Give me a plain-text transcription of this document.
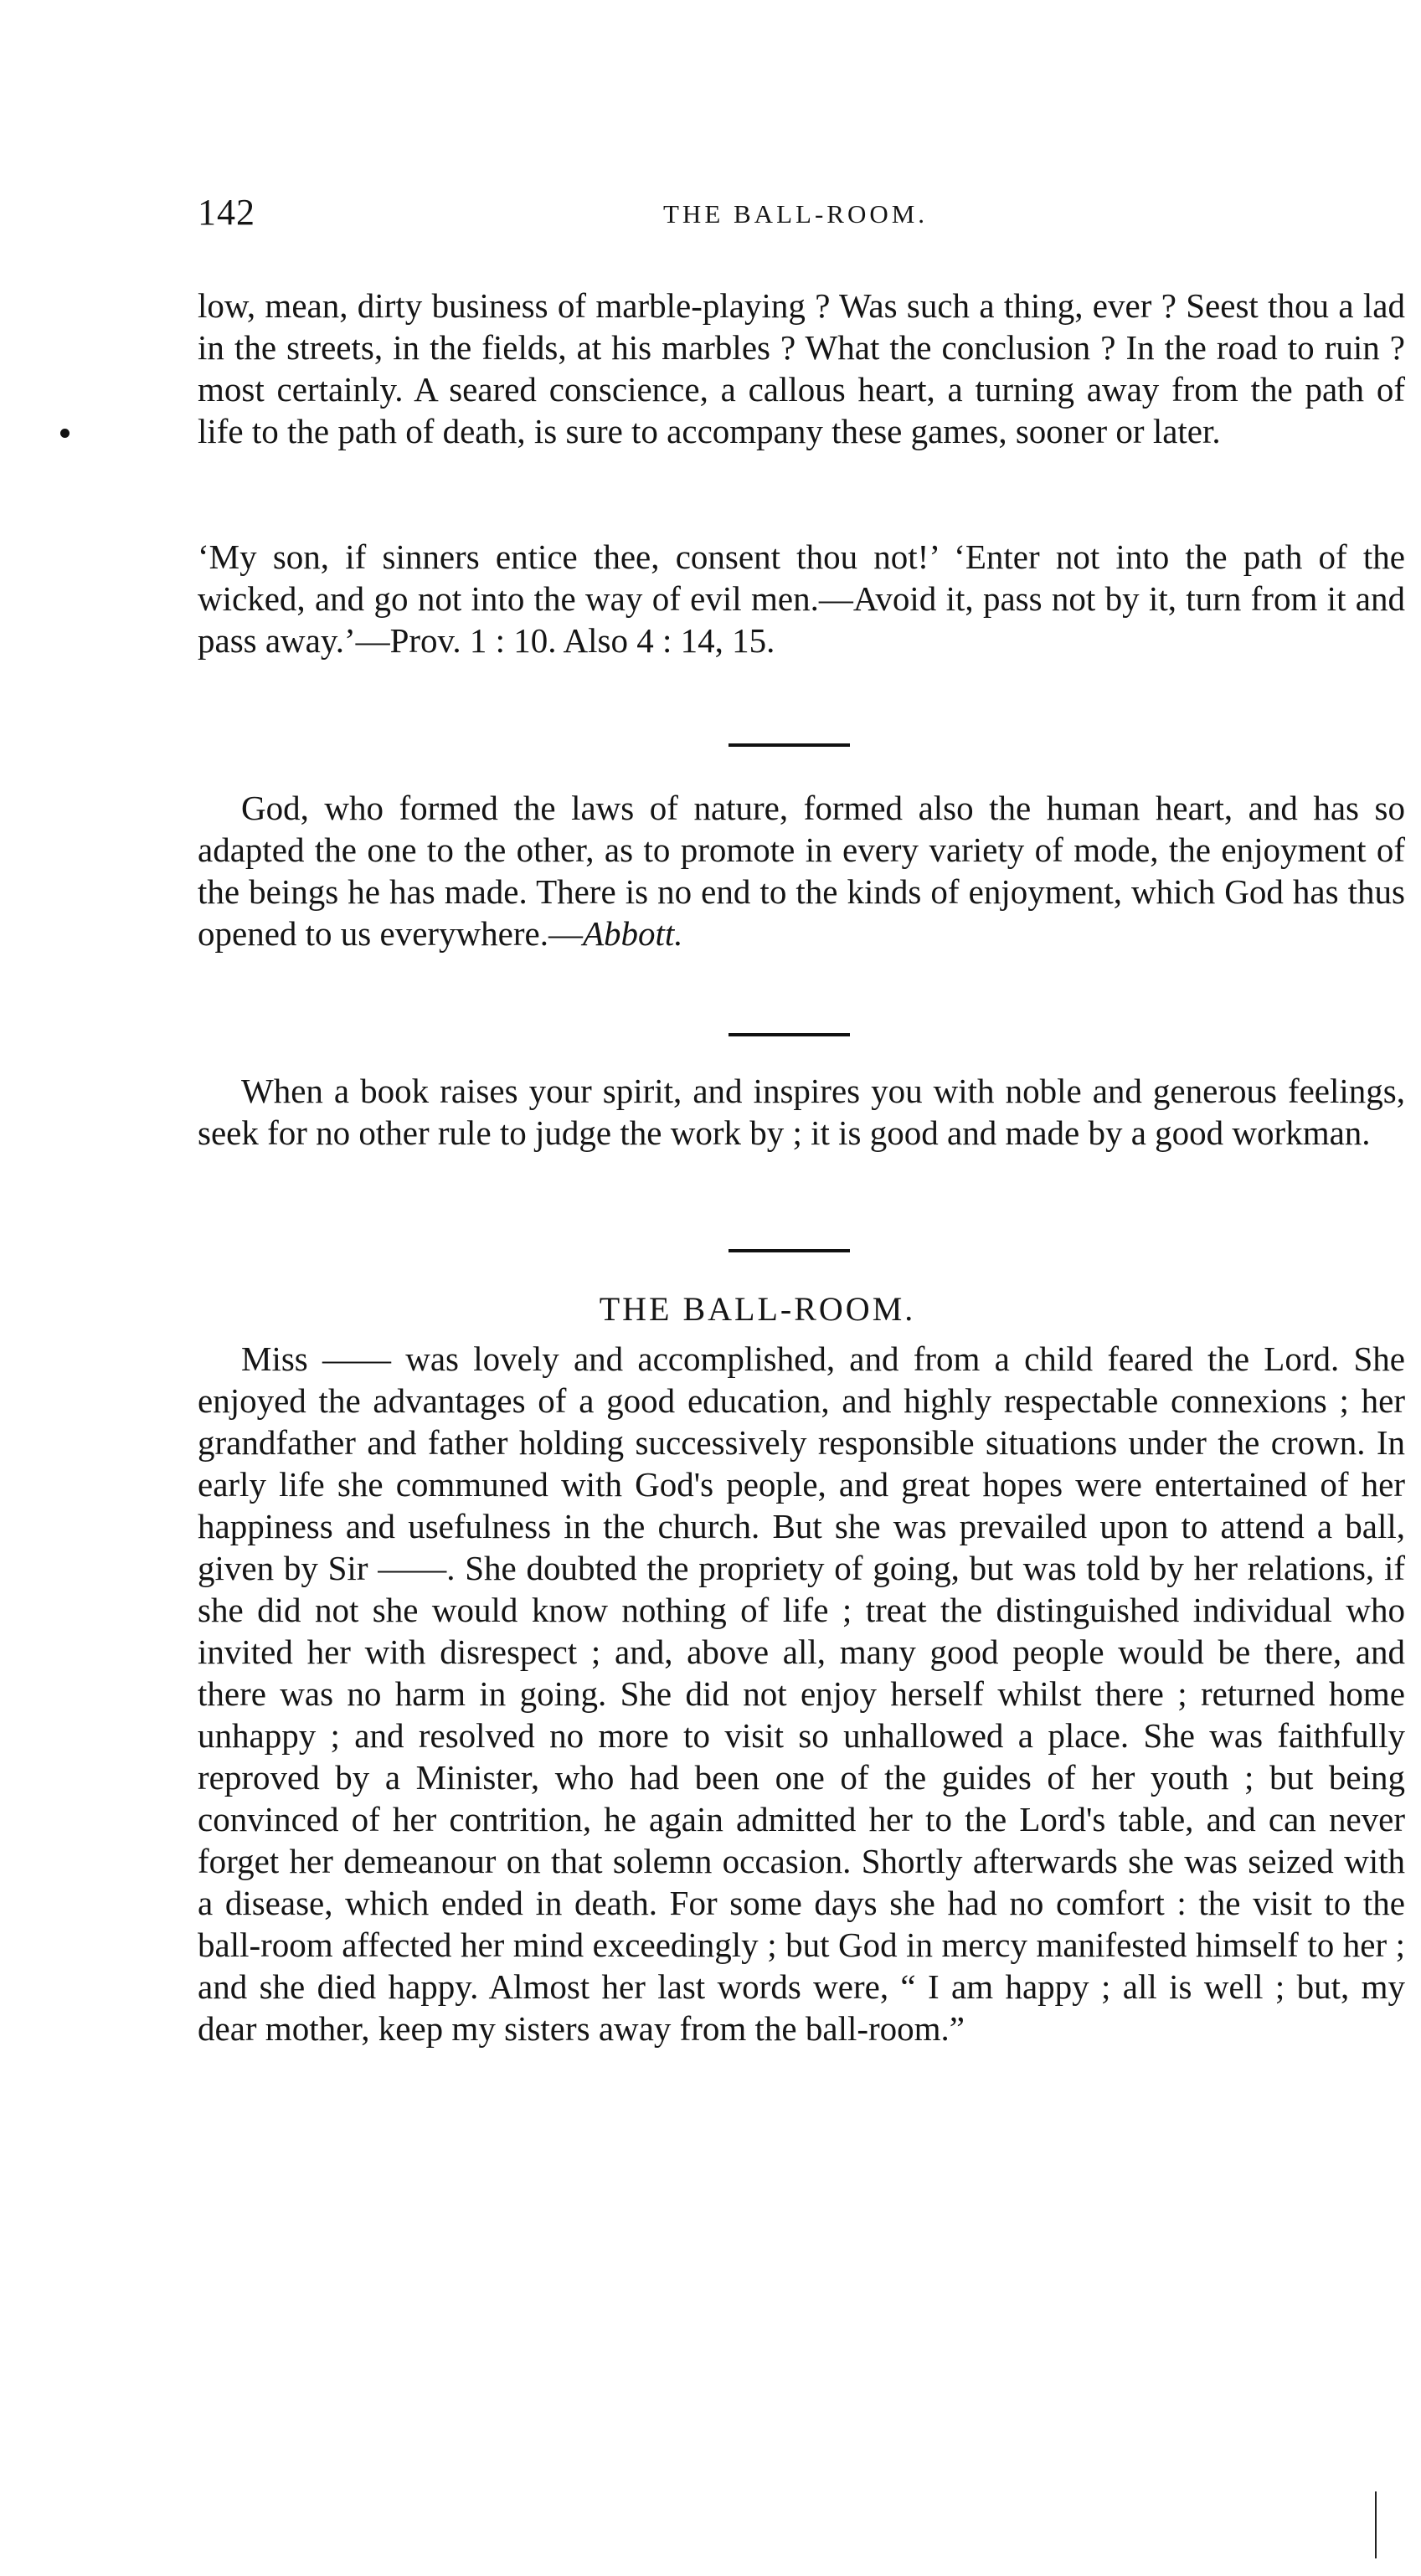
142	THE BALL-ROOM.

low, mean, dirty business of marble-playing ? Was such a thing, ever ? Seest thou a lad in the streets, in the fields, at his marbles ? What the conclusion ? In the road to ruin ? most certainly. A seared conscience, a callous heart, a turning away from the path of life to the path of death, is sure to accompany these games, sooner or later.

‘My son, if sinners entice thee, consent thou not!’ ‘Enter not into the path of the wicked, and go not into the way of evil men.—Avoid it, pass not by it, turn from it and pass away.’—Prov. 1 : 10. Also 4 : 14, 15.

God, who formed the laws of nature, formed also the human heart, and has so adapted the one to the other, as to promote in every variety of mode, the enjoyment of the beings he has made. There is no end to the kinds of enjoyment, which God has thus opened to us everywhere.—Abbott.

When a book raises your spirit, and inspires you with noble and generous feelings, seek for no other rule to judge the work by ; it is good and made by a good workman.

THE BALL-ROOM.

Miss —— was lovely and accomplished, and from a child feared the Lord. She enjoyed the advantages of a good education, and highly respectable connexions ; her grandfather and father holding successively responsible situations under the crown. In early life she communed with God's people, and great hopes were entertained of her happiness and usefulness in the church. But she was prevailed upon to attend a ball, given by Sir ——. She doubted the propriety of going, but was told by her relations, if she did not she would know nothing of life ; treat the distinguished individual who invited her with disrespect ; and, above all, many good people would be there, and there was no harm in going. She did not enjoy herself whilst there ; returned home unhappy ; and resolved no more to visit so unhallowed a place. She was faithfully reproved by a Minister, who had been one of the guides of her youth ; but being convinced of her contrition, he again admitted her to the Lord's table, and can never forget her demeanour on that solemn occasion. Shortly afterwards she was seized with a disease, which ended in death. For some days she had no comfort : the visit to the ball-room affected her mind exceedingly ; but God in mercy manifested himself to her ; and she died happy. Almost her last words were, “ I am happy ; all is well ; but, my dear mother, keep my sisters away from the ball-room.”
